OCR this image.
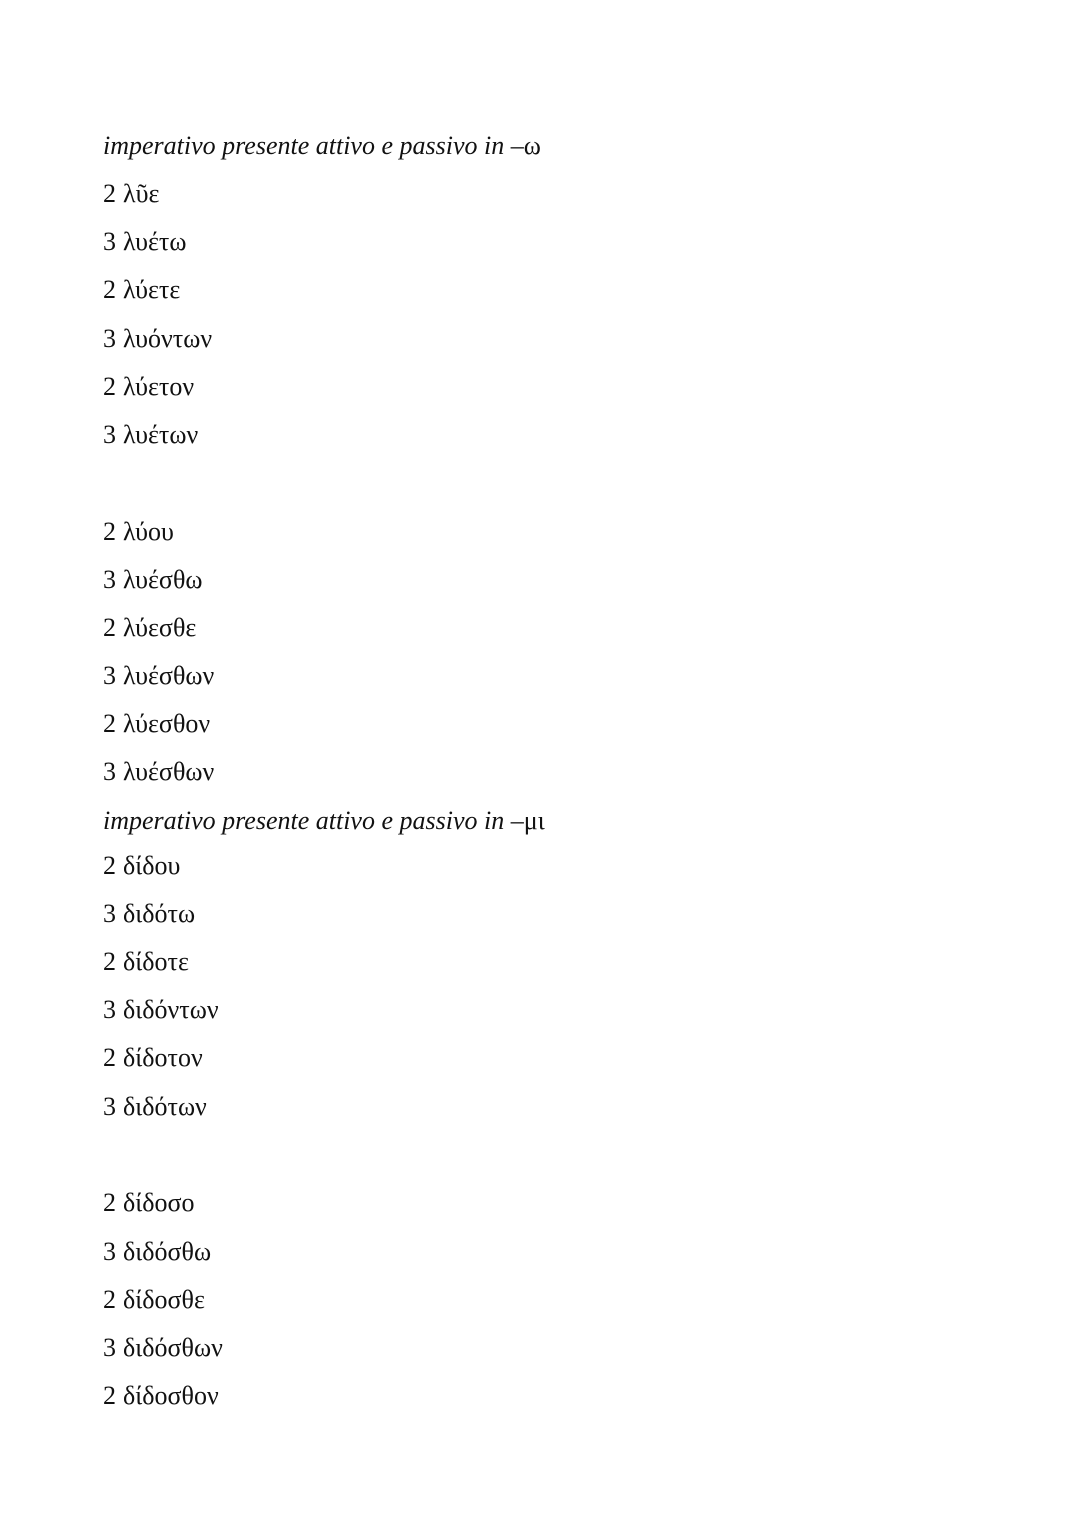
imperativo presente attivo e passivo in –ω
2 λῦε
3 λυέτω
2 λύετε
3 λυόντων
2 λύετον
3 λυέτων
2 λύου
3 λυέσθω
2 λύεσθε
3 λυέσθων
2 λύεσθον
3 λυέσθων
imperativo presente attivo e passivo in –μι
2 δίδου
3 διδότω
2 δίδοτε
3 διδόντων
2 δίδοτον
3 διδότων
2 δίδοσο
3 διδόσθω
2 δίδοσθε
3 διδόσθων
2 δίδοσθον
